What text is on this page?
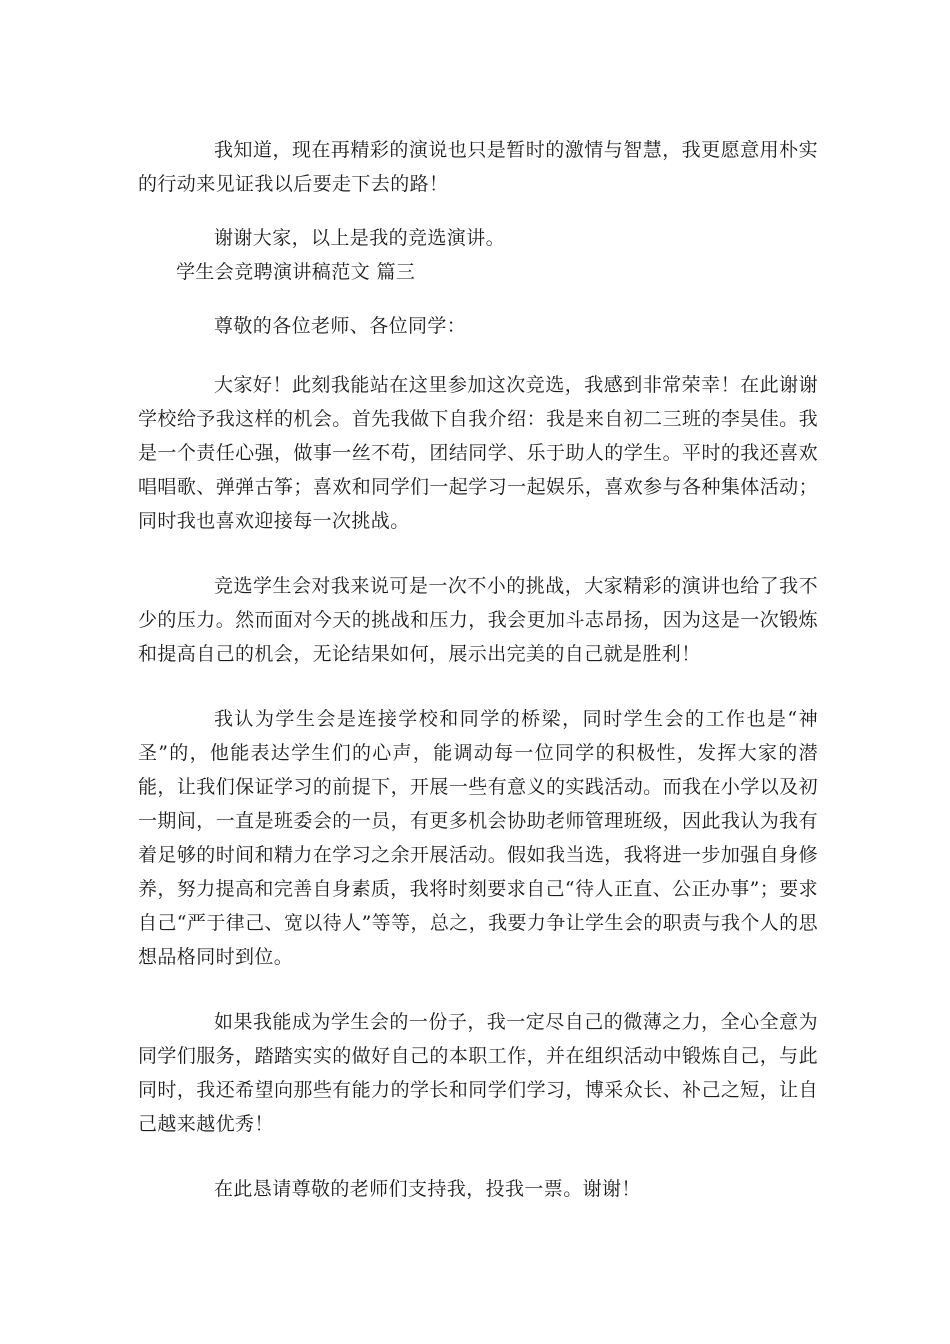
我知道，现在再精彩的演说也只是暂时的激情与智慧，我更愿意用朴实的行动来见证我以后要走下去的路！

谢谢大家，以上是我的竞选演讲。

学生会竞聘演讲稿范文 篇三

尊敬的各位老师、各位同学：

大家好！此刻我能站在这里参加这次竞选，我感到非常荣幸！在此谢谢学校给予我这样的机会。首先我做下自我介绍：我是来自初二三班的李昊佳。我是一个责任心强，做事一丝不苟，团结同学、乐于助人的学生。平时的我还喜欢唱唱歌、弹弹古筝；喜欢和同学们一起学习一起娱乐，喜欢参与各种集体活动；同时我也喜欢迎接每一次挑战。

竞选学生会对我来说可是一次不小的挑战，大家精彩的演讲也给了我不少的压力。然而面对今天的挑战和压力，我会更加斗志昂扬，因为这是一次锻炼和提高自己的机会，无论结果如何，展示出完美的自己就是胜利！

我认为学生会是连接学校和同学的桥梁，同时学生会的工作也是“神圣”的，他能表达学生们的心声，能调动每一位同学的积极性，发挥大家的潜能，让我们保证学习的前提下，开展一些有意义的实践活动。而我在小学以及初一期间，一直是班委会的一员，有更多机会协助老师管理班级，因此我认为我有着足够的时间和精力在学习之余开展活动。假如我当选，我将进一步加强自身修养，努力提高和完善自身素质，我将时刻要求自己“待人正直、公正办事”；要求自己“严于律己、宽以待人”等等，总之，我要力争让学生会的职责与我个人的思想品格同时到位。

如果我能成为学生会的一份子，我一定尽自己的微薄之力，全心全意为同学们服务，踏踏实实的做好自己的本职工作，并在组织活动中锻炼自己，与此同时，我还希望向那些有能力的学长和同学们学习，博采众长、补己之短，让自己越来越优秀！

在此恳请尊敬的老师们支持我，投我一票。谢谢！
